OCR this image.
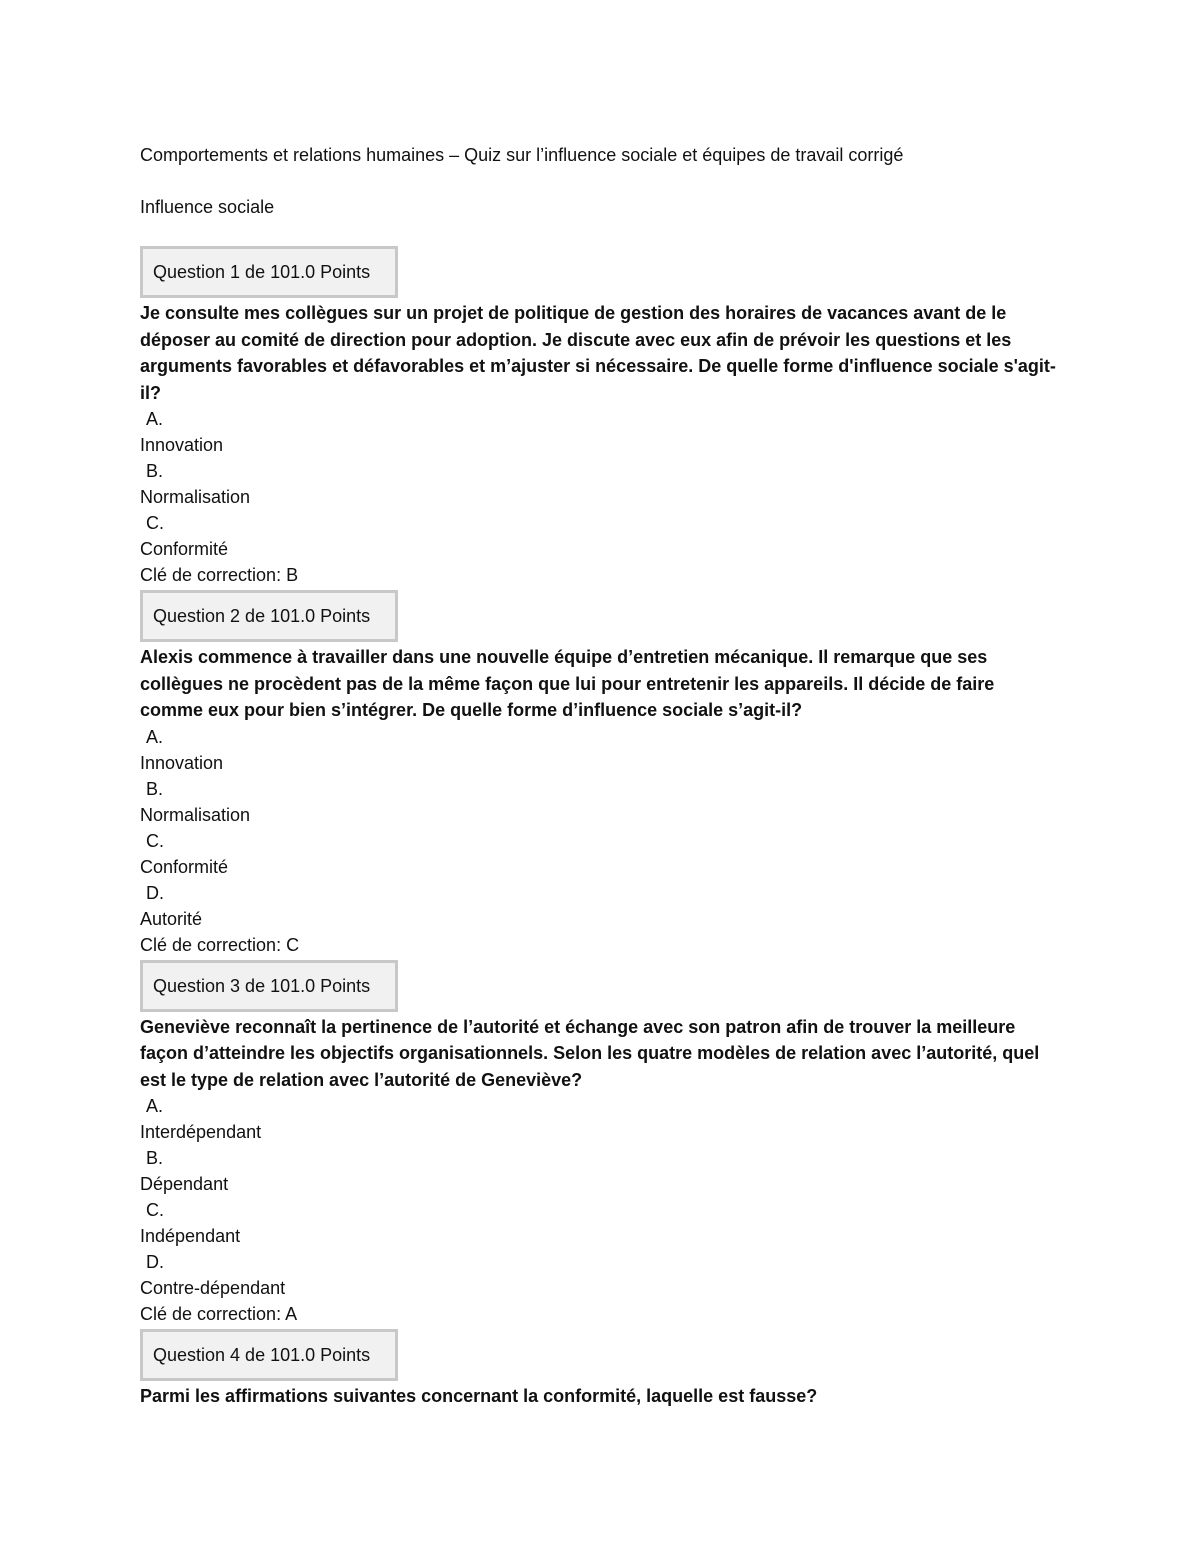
Comportements et relations humaines – Quiz sur l’influence sociale et équipes de travail corrigé

Influence sociale

Question 1 de 101.0 Points

Je consulte mes collègues sur un projet de politique de gestion des horaires de vacances avant de le déposer au comité de direction pour adoption. Je discute avec eux afin de prévoir les questions et les arguments favorables et défavorables et m’ajuster si nécessaire. De quelle forme d'influence sociale s'agit-il?

A.

Innovation

B.

Normalisation

C.

Conformité

Clé de correction: B

Question 2 de 101.0 Points

Alexis commence à travailler dans une nouvelle équipe d’entretien mécanique. Il remarque que ses collègues ne procèdent pas de la même façon que lui pour entretenir les appareils. Il décide de faire comme eux pour bien s’intégrer. De quelle forme d’influence sociale s’agit-il?

A.

Innovation

B.

Normalisation

C.

Conformité

D.

Autorité

Clé de correction: C

Question 3 de 101.0 Points

Geneviève reconnaît la pertinence de l’autorité et échange avec son patron afin de trouver la meilleure façon d’atteindre les objectifs organisationnels. Selon les quatre modèles de relation avec l’autorité, quel est le type de relation avec l’autorité de Geneviève?

A.

Interdépendant

B.

Dépendant

C.

Indépendant

D.

Contre-dépendant

Clé de correction: A

Question 4 de 101.0 Points

Parmi les affirmations suivantes concernant la conformité, laquelle est fausse?
